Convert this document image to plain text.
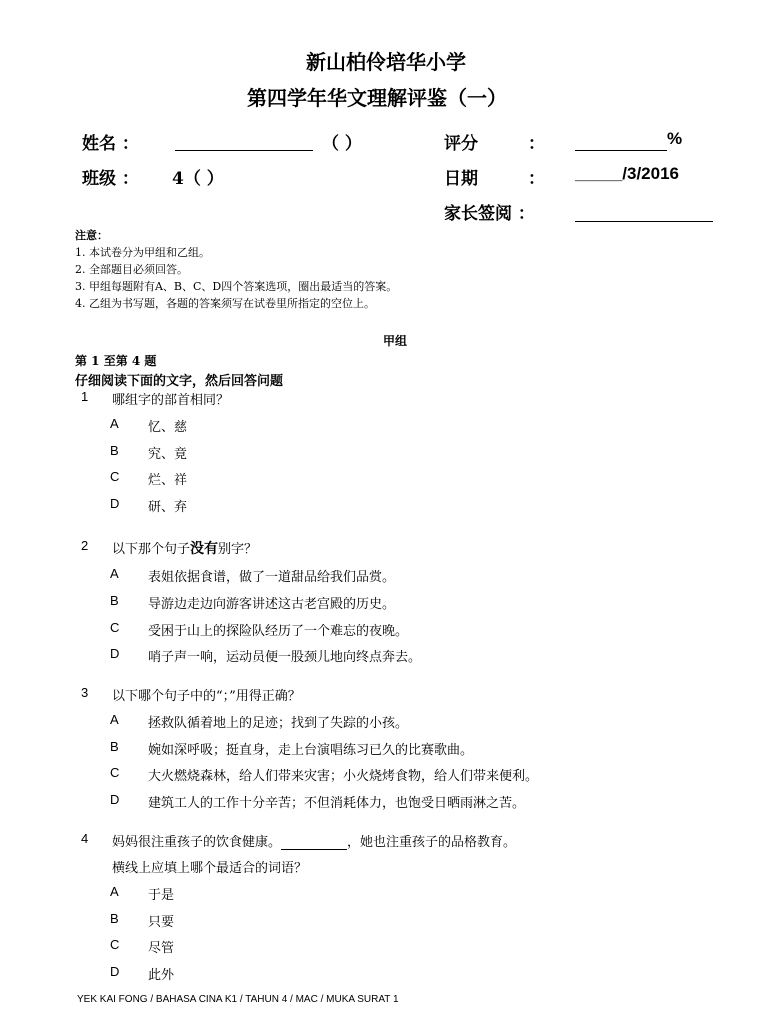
新山柏伶培华小学
第四学年华文理解评鉴（一）
姓名 ：	（ ）	评分	：	%
班级 ： 4（ ）	日期	： _____/3/2016
家长签阅 ：
注意：
1. 本试卷分为甲组和乙组。
2. 全部题目必须回答。
3. 甲组每题附有A、B、C、D四个答案选项，圈出最适当的答案。
4. 乙组为书写题，各题的答案须写在试卷里所指定的空位上。
甲组
第 1 至第 4 题
仔细阅读下面的文字，然后回答问题
1 哪组字的部首相同？
A 忆、慈
B 究、竟
C 烂、祥
D 研、弃
2 以下那个句子没有别字？
A 表姐依据食谱，做了一道甜品给我们品赏。
B 导游边走边向游客讲述这古老宫殿的历史。
C 受困于山上的探险队经历了一个难忘的夜晚。
D 哨子声一响，运动员便一股颈儿地向终点奔去。
3 以下哪个句子中的“；”用得正确？
A 拯救队循着地上的足迹；找到了失踪的小孩。
B 婉如深呼吸；挺直身，走上台演唱练习已久的比赛歌曲。
C 大火燃烧森林，给人们带来灾害；小火烧烤食物，给人们带来便利。
D 建筑工人的工作十分辛苦；不但消耗体力，也饱受日晒雨淋之苦。
4 妈妈很注重孩子的饮食健康。	，她也注重孩子的品格教育。
横线上应填上哪个最适合的词语？
A 于是
B 只要
C 尽管
D 此外
YEK KAI FONG / BAHASA CINA K1 / TAHUN 4 / MAC / MUKA SURAT 1
